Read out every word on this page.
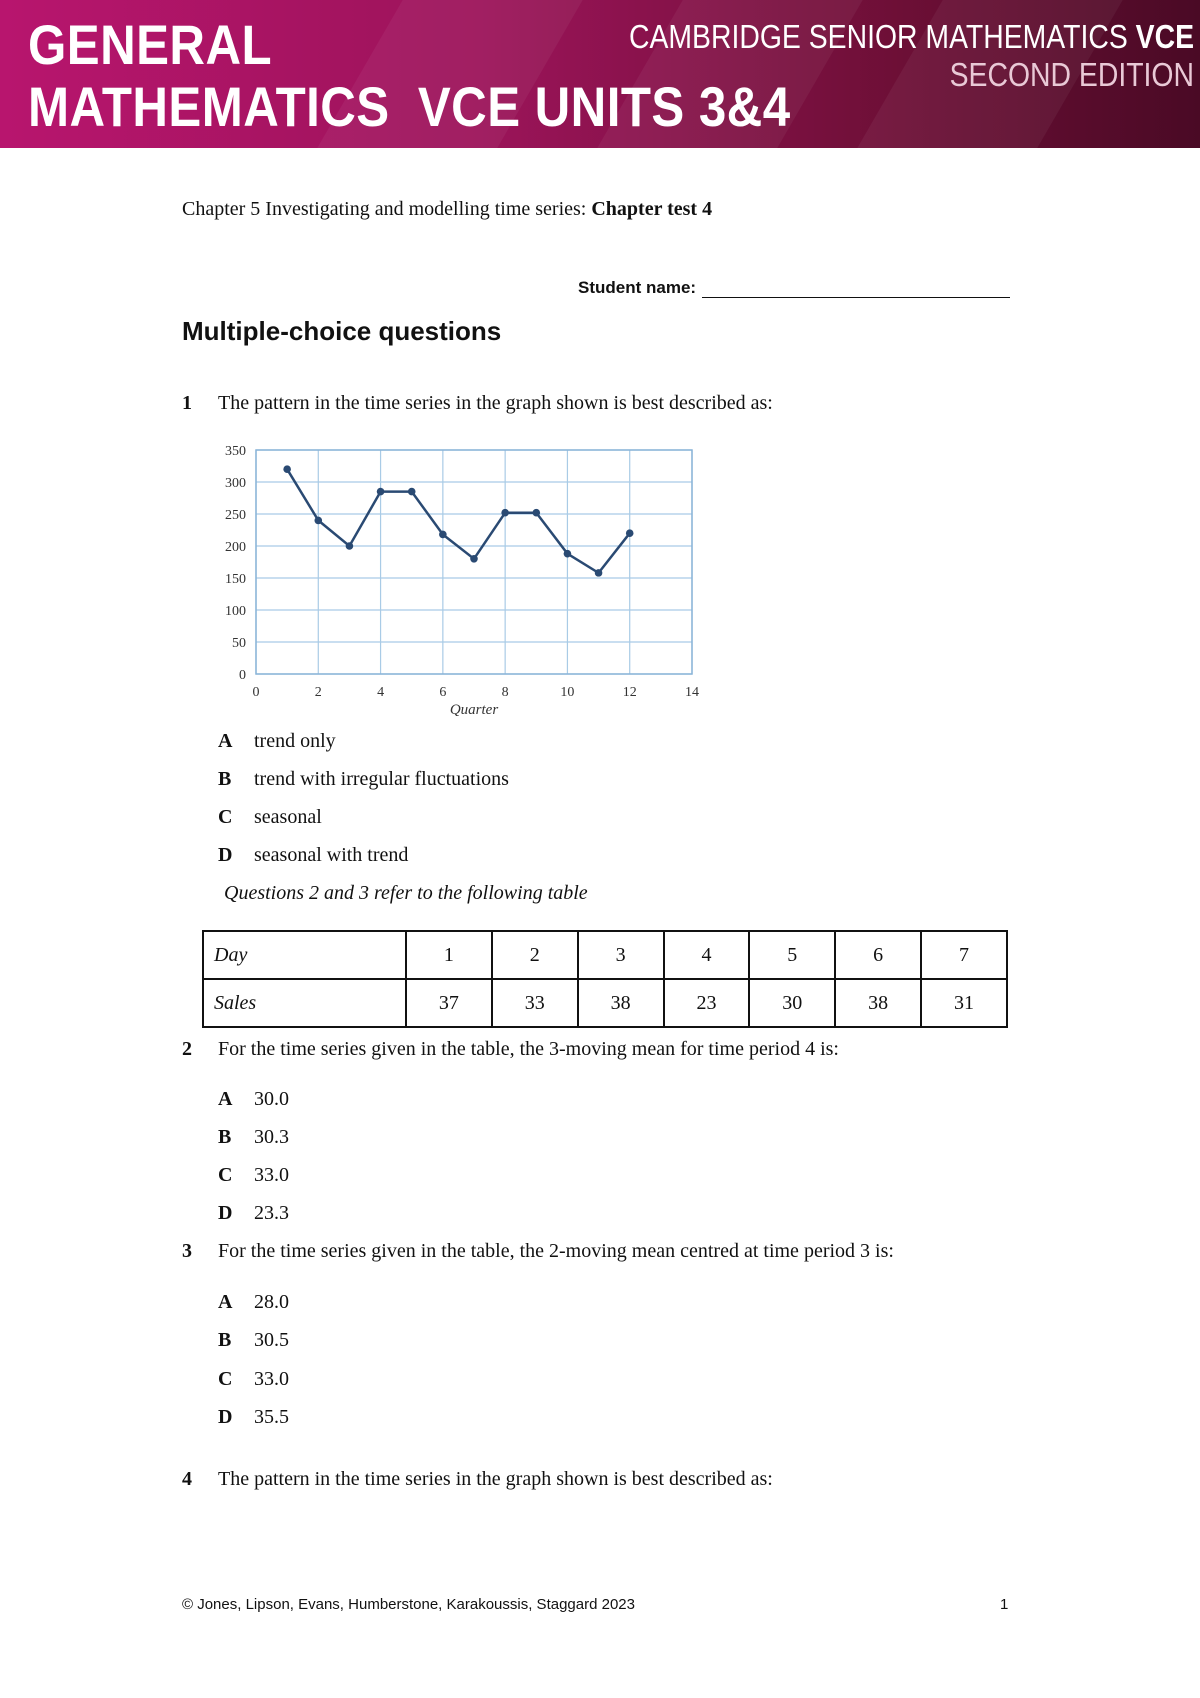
GENERAL
MATHEMATICS  VCE UNITS 3&4
CAMBRIDGE SENIOR MATHEMATICS VCE
SECOND EDITION
Chapter 5 Investigating and modelling time series: Chapter test 4
Student name:
Multiple-choice questions
1 The pattern in the time series in the graph shown is best described as:
0
50
100
150
200
250
300
350
0	2	4	6	8	10	12	14
Quarter
A trend only
B trend with irregular fluctuations
C seasonal
D seasonal with trend
Questions 2 and 3 refer to the following table
Day	1	2	3	4	5	6	7
Sales	37	33	38	23	30	38	31
2 For the time series given in the table, the 3-moving mean for time period 4 is:
A 30.0
B 30.3
C 33.0
D 23.3
3 For the time series given in the table, the 2-moving mean centred at time period 3 is:
A 28.0
B 30.5
C 33.0
D 35.5
4 The pattern in the time series in the graph shown is best described as:
© Jones, Lipson, Evans, Humberstone, Karakoussis, Staggard 2023	1
